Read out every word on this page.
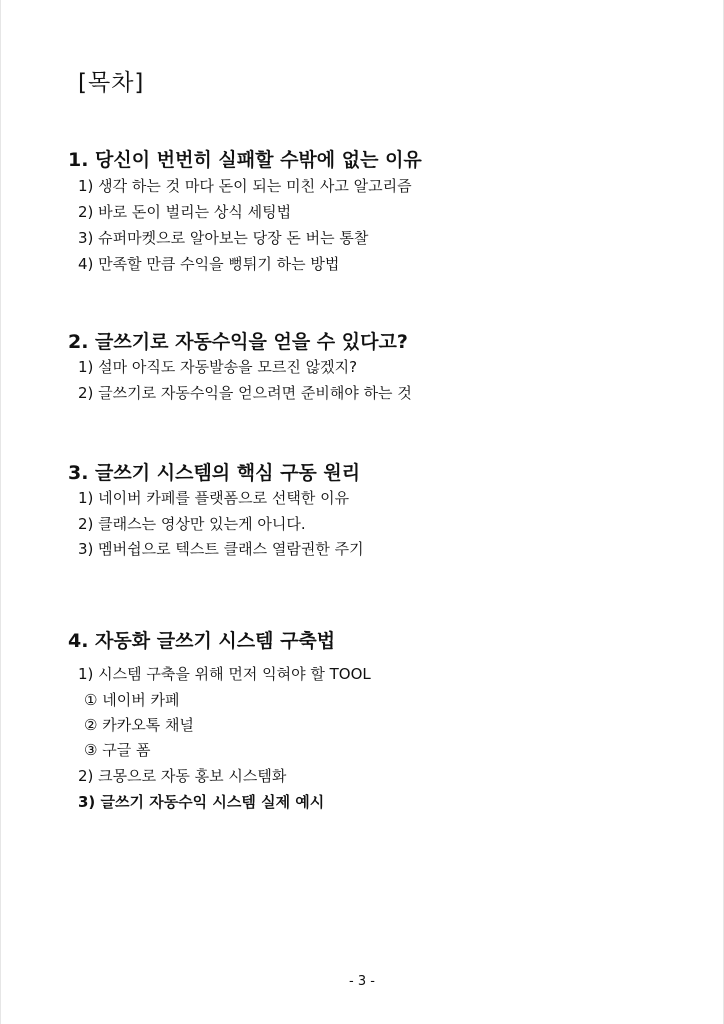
[목차]
1. 당신이 번번히 실패할 수밖에 없는 이유
1) 생각 하는 것 마다 돈이 되는 미친 사고 알고리즘
2) 바로 돈이 벌리는 상식 세팅법
3) 슈퍼마켓으로 알아보는 당장 돈 버는 통찰
4) 만족할 만큼 수익을 뻥튀기 하는 방법
2. 글쓰기로 자동수익을 얻을 수 있다고?
1) 설마 아직도 자동발송을 모르진 않겠지?
2) 글쓰기로 자동수익을 얻으려면 준비해야 하는 것
3. 글쓰기 시스템의 핵심 구동 원리
1) 네이버 카페를 플랫폼으로 선택한 이유
2) 클래스는 영상만 있는게 아니다.
3) 멤버쉽으로 텍스트 클래스 열람권한 주기
4. 자동화 글쓰기 시스템 구축법
1) 시스템 구축을 위해 먼저 익혀야 할 TOOL
① 네이버 카페
② 카카오톡 채널
③ 구글 폼
2) 크몽으로 자동 홍보 시스템화
3) 글쓰기 자동수익 시스템 실제 예시
- 3 -
